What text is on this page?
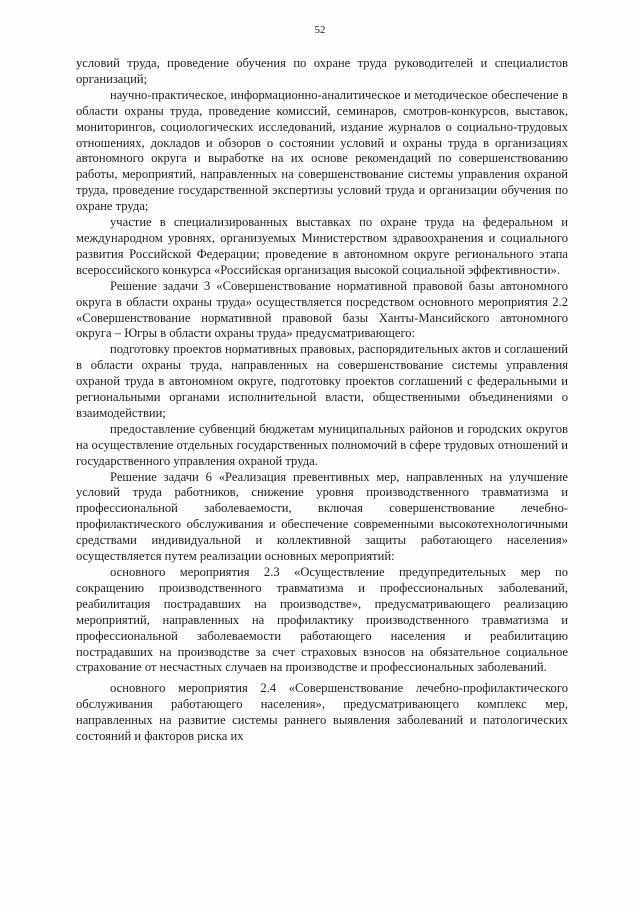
52

условий труда, проведение обучения по охране труда руководителей и специалистов организаций;

научно-практическое, информационно-аналитическое и методическое обеспечение в области охраны труда, проведение комиссий, семинаров, смотров-конкурсов, выставок, мониторингов, социологических исследований, издание журналов о социально-трудовых отношениях, докладов и обзоров о состоянии условий и охраны труда в организациях автономного округа и выработке на их основе рекомендаций по совершенствованию работы, мероприятий, направленных на совершенствование системы управления охраной труда, проведение государственной экспертизы условий труда и организации обучения по охране труда;

участие в специализированных выставках по охране труда на федеральном и международном уровнях, организуемых Министерством здравоохранения и социального развития Российской Федерации; проведение в автономном округе регионального этапа всероссийского конкурса «Российская организация высокой социальной эффективности».

Решение задачи 3 «Совершенствование нормативной правовой базы автономного округа в области охраны труда» осуществляется посредством основного мероприятия 2.2 «Совершенствование нормативной правовой базы Ханты-Мансийского автономного округа – Югры в области охраны труда» предусматривающего:

подготовку проектов нормативных правовых, распорядительных актов и соглашений в области охраны труда, направленных на совершенствование системы управления охраной труда в автономном округе, подготовку проектов соглашений с федеральными и региональными органами исполнительной власти, общественными объединениями о взаимодействии;

предоставление субвенций бюджетам муниципальных районов и городских округов на осуществление отдельных государственных полномочий в сфере трудовых отношений и государственного управления охраной труда.

Решение задачи 6 «Реализация превентивных мер, направленных на улучшение условий труда работников, снижение уровня производственного травматизма и профессиональной заболеваемости, включая совершенствование лечебно-профилактического обслуживания и обеспечение современными высокотехнологичными средствами индивидуальной и коллективной защиты работающего населения» осуществляется путем реализации основных мероприятий:

основного мероприятия 2.3 «Осуществление предупредительных мер по сокращению производственного травматизма и профессиональных заболеваний, реабилитация пострадавших на производстве», предусматривающего реализацию мероприятий, направленных на профилактику производственного травматизма и профессиональной заболеваемости работающего населения и реабилитацию пострадавших на производстве за счет страховых взносов на обязательное социальное страхование от несчастных случаев на производстве и профессиональных заболеваний.

основного мероприятия 2.4 «Совершенствование лечебно-профилактического обслуживания работающего населения», предусматривающего комплекс мер, направленных на развитие системы раннего выявления заболеваний и патологических состояний и факторов риска их
